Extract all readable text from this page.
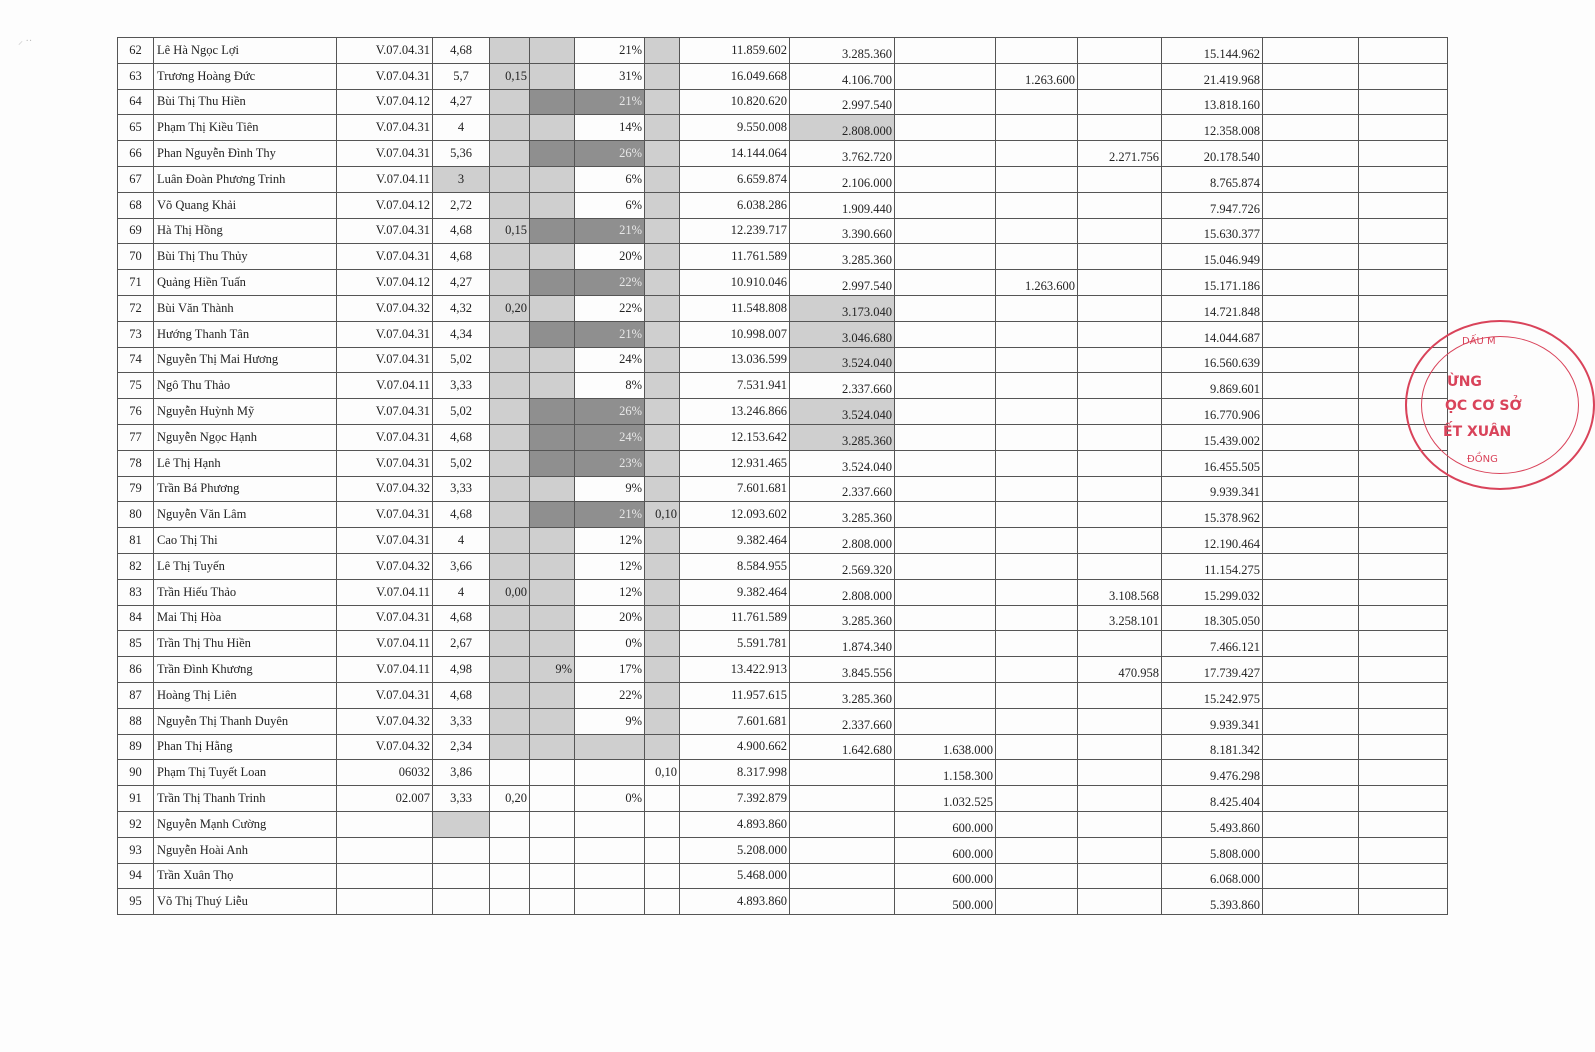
⸝ ··
62	Lê Hà Ngọc Lợi	V.07.04.31	4,68			21%		11.859.602	3.285.360				15.144.962		
63	Trương Hoàng Đức	V.07.04.31	5,7	0,15		31%		16.049.668	4.106.700		1.263.600		21.419.968		
64	Bùi Thị Thu Hiền	V.07.04.12	4,27			21%		10.820.620	2.997.540				13.818.160		
65	Phạm Thị Kiều Tiên	V.07.04.31	4			14%		9.550.008	2.808.000				12.358.008		
66	Phan Nguyễn Đình Thy	V.07.04.31	5,36			26%		14.144.064	3.762.720			2.271.756	20.178.540		
67	Luân Đoàn Phương Trinh	V.07.04.11	3			6%		6.659.874	2.106.000				8.765.874		
68	Võ Quang Khải	V.07.04.12	2,72			6%		6.038.286	1.909.440				7.947.726		
69	Hà Thị Hồng	V.07.04.31	4,68	0,15		21%		12.239.717	3.390.660				15.630.377		
70	Bùi Thị Thu Thủy	V.07.04.31	4,68			20%		11.761.589	3.285.360				15.046.949		
71	Quảng Hiền Tuấn	V.07.04.12	4,27			22%		10.910.046	2.997.540		1.263.600		15.171.186		
72	Bùi Văn Thành	V.07.04.32	4,32	0,20		22%		11.548.808	3.173.040				14.721.848		
73	Hướng Thanh Tân	V.07.04.31	4,34			21%		10.998.007	3.046.680				14.044.687		
74	Nguyễn Thị Mai Hương	V.07.04.31	5,02			24%		13.036.599	3.524.040				16.560.639		
75	Ngô Thu Thảo	V.07.04.11	3,33			8%		7.531.941	2.337.660				9.869.601		
76	Nguyễn Huỳnh Mỹ	V.07.04.31	5,02			26%		13.246.866	3.524.040				16.770.906		
77	Nguyễn Ngọc Hạnh	V.07.04.31	4,68			24%		12.153.642	3.285.360				15.439.002		
78	Lê Thị Hạnh	V.07.04.31	5,02			23%		12.931.465	3.524.040				16.455.505		
79	Trần Bá Phương	V.07.04.32	3,33			9%		7.601.681	2.337.660				9.939.341		
80	Nguyễn Văn Lâm	V.07.04.31	4,68			21%	0,10	12.093.602	3.285.360				15.378.962		
81	Cao Thị Thi	V.07.04.31	4			12%		9.382.464	2.808.000				12.190.464		
82	Lê Thị Tuyến	V.07.04.32	3,66			12%		8.584.955	2.569.320				11.154.275		
83	Trần Hiếu Thảo	V.07.04.11	4	0,00		12%		9.382.464	2.808.000			3.108.568	15.299.032		
84	Mai Thị Hòa	V.07.04.31	4,68			20%		11.761.589	3.285.360			3.258.101	18.305.050		
85	Trần Thị Thu Hiền	V.07.04.11	2,67			0%		5.591.781	1.874.340				7.466.121		
86	Trần Đình Khương	V.07.04.11	4,98		9%	17%		13.422.913	3.845.556			470.958	17.739.427		
87	Hoàng Thị Liên	V.07.04.31	4,68			22%		11.957.615	3.285.360				15.242.975		
88	Nguyễn Thị Thanh Duyên	V.07.04.32	3,33			9%		7.601.681	2.337.660				9.939.341		
89	Phan Thị Hằng	V.07.04.32	2,34					4.900.662	1.642.680	1.638.000			8.181.342		
90	Phạm Thị Tuyết Loan	06032	3,86				0,10	8.317.998		1.158.300			9.476.298		
91	Trần Thị Thanh Trinh	02.007	3,33	0,20		0%		7.392.879		1.032.525			8.425.404		
92	Nguyễn Mạnh Cường							4.893.860		600.000			5.493.860		
93	Nguyễn Hoài Anh							5.208.000		600.000			5.808.000		
94	Trần Xuân Thọ							5.468.000		600.000			6.068.000		
95	Võ Thị Thuý Liễu							4.893.860		500.000			5.393.860		
DẤU M
ỪNG
ỌC CƠ SỞ
ẾT XUÂN
ĐỒNG
